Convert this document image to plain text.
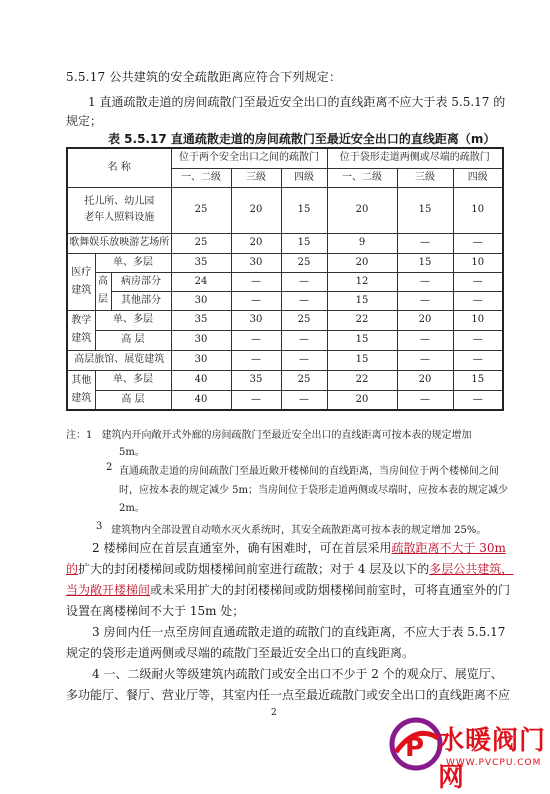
5.5.17 公共建筑的安全疏散距离应符合下列规定：
1 直通疏散走道的房间疏散门至最近安全出口的直线距离不应大于表 5.5.17 的
规定；
表 5.5.17 直通疏散走道的房间疏散门至最近安全出口的直线距离（m）
名 称			位于两个安全出口之间的疏散门			位于袋形走道两侧或尽端的疏散门		
			一、二级	三级	四级	一、二级	三级	四级

托儿所、幼儿园
老年人照料设施			25	20	15	20	15	10
歌舞娱乐放映游艺场所			25	20	15	9	—	—

医疗
建筑	单、多层		35	30	25	20	15	10

	高
层	病房部分	24	—	—	12	—	—
		其他部分	30	—	—	15	—	—

教学
建筑	单、多层		35	30	25	22	20	10
	高 层		30	—	—	15	—	—
高层旅馆、展览建筑			30	—	—	15	—	—

其他
建筑	单、多层		40	35	25	22	20	15
	高 层		40	—	—	20	—	—
注：1 建筑内开向敞开式外廊的房间疏散门至最近安全出口的直线距离可按本表的规定增加
5m。
2 直通疏散走道的房间疏散门至最近敞开楼梯间的直线距离，当房间位于两个楼梯间之间
时，应按本表的规定减少 5m；当房间位于袋形走道两侧或尽端时，应按本表的规定减少
2m。
3 建筑物内全部设置自动喷水灭火系统时，其安全疏散距离可按本表的规定增加 25%。
2 楼梯间应在首层直通室外，确有困难时，可在首层采用疏散距离不大于 30m
的扩大的封闭楼梯间或防烟楼梯间前室进行疏散；对于 4 层及以下的多层公共建筑，
当为敞开楼梯间或未采用扩大的封闭楼梯间或防烟楼梯间前室时，可将直通室外的门
设置在离楼梯间不大于 15m 处；
3 房间内任一点至房间直通疏散走道的疏散门的直线距离，不应大于表 5.5.17
规定的袋形走道两侧或尽端的疏散门至最近安全出口的直线距离。
4 一、二级耐火等级建筑内疏散门或安全出口不少于 2 个的观众厅、展览厅、
多功能厅、餐厅、营业厅等，其室内任一点至最近疏散门或安全出口的直线距离不应
2
P 水暖阀门网
WWW.PVCPU.COM
